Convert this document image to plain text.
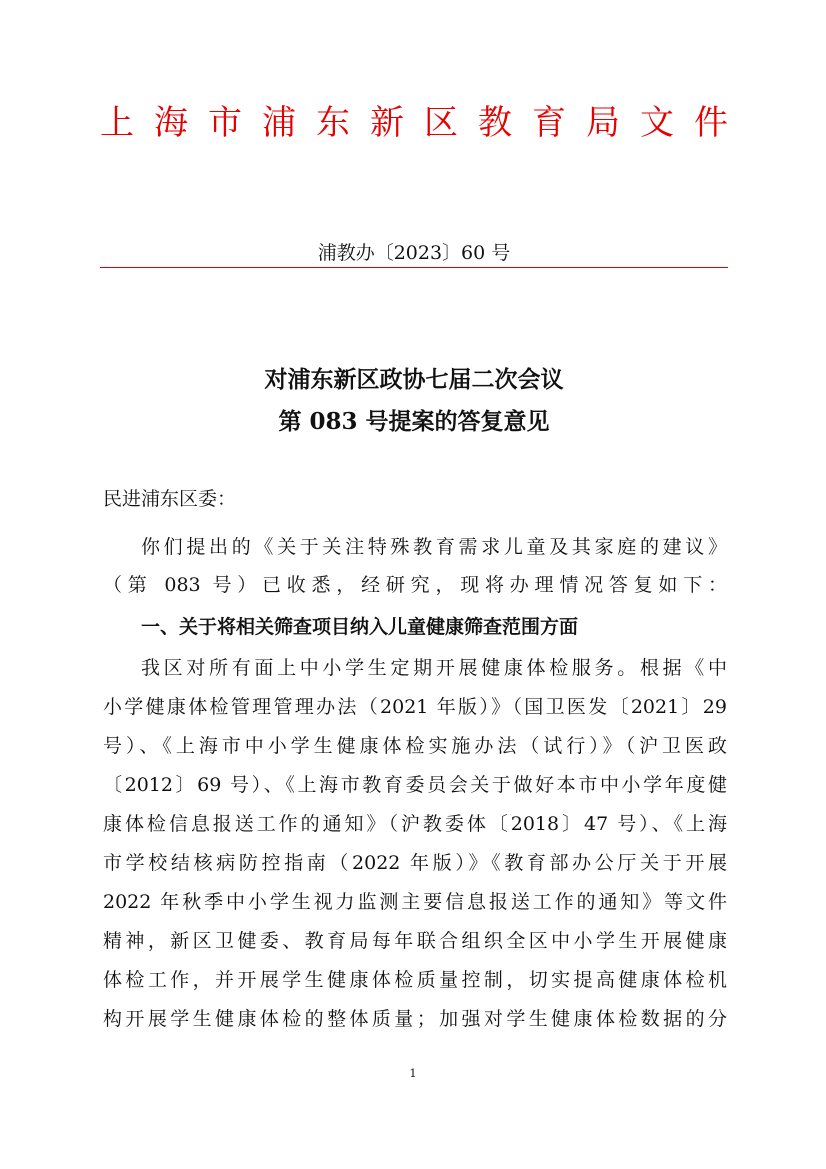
上 海 市 浦 东 新 区 教 育 局 文 件
浦教办〔2023〕60 号
对浦东新区政协七届二次会议
第 083 号提案的答复意见
民进浦东区委：
你们提出的《关于关注特殊教育需求儿童及其家庭的建议》
（第 083 号）已收悉，经研究，现将办理情况答复如下：
一、关于将相关筛查项目纳入儿童健康筛查范围方面
我区对所有面上中小学生定期开展健康体检服务。根据《中
小学健康体检管理管理办法（2021 年版）》（国卫医发〔2021〕29
号）、《上海市中小学生健康体检实施办法（试行）》（沪卫医政
〔2012〕69 号）、《上海市教育委员会关于做好本市中小学年度健
康体检信息报送工作的通知》（沪教委体〔2018〕47 号）、《上海
市学校结核病防控指南（2022 年版）》《教育部办公厅关于开展
2022 年秋季中小学生视力监测主要信息报送工作的通知》等文件
精神，新区卫健委、教育局每年联合组织全区中小学生开展健康
体检工作，并开展学生健康体检质量控制，切实提高健康体检机
构开展学生健康体检的整体质量；加强对学生健康体检数据的分
1
